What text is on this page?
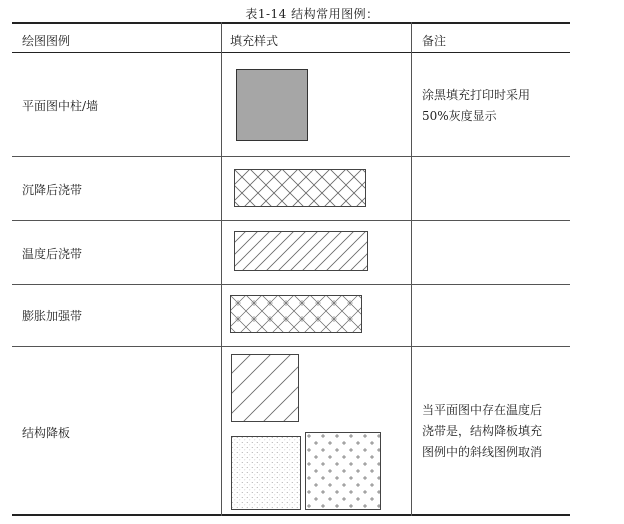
表1-14 结构常用图例：
绘图图例	填充样式	备注
平面图中柱/墙
涂黑填充打印时采用
50%灰度显示
沉降后浇带
温度后浇带
膨胀加强带
结构降板
当平面图中存在温度后
浇带是，结构降板填充
图例中的斜线图例取消
